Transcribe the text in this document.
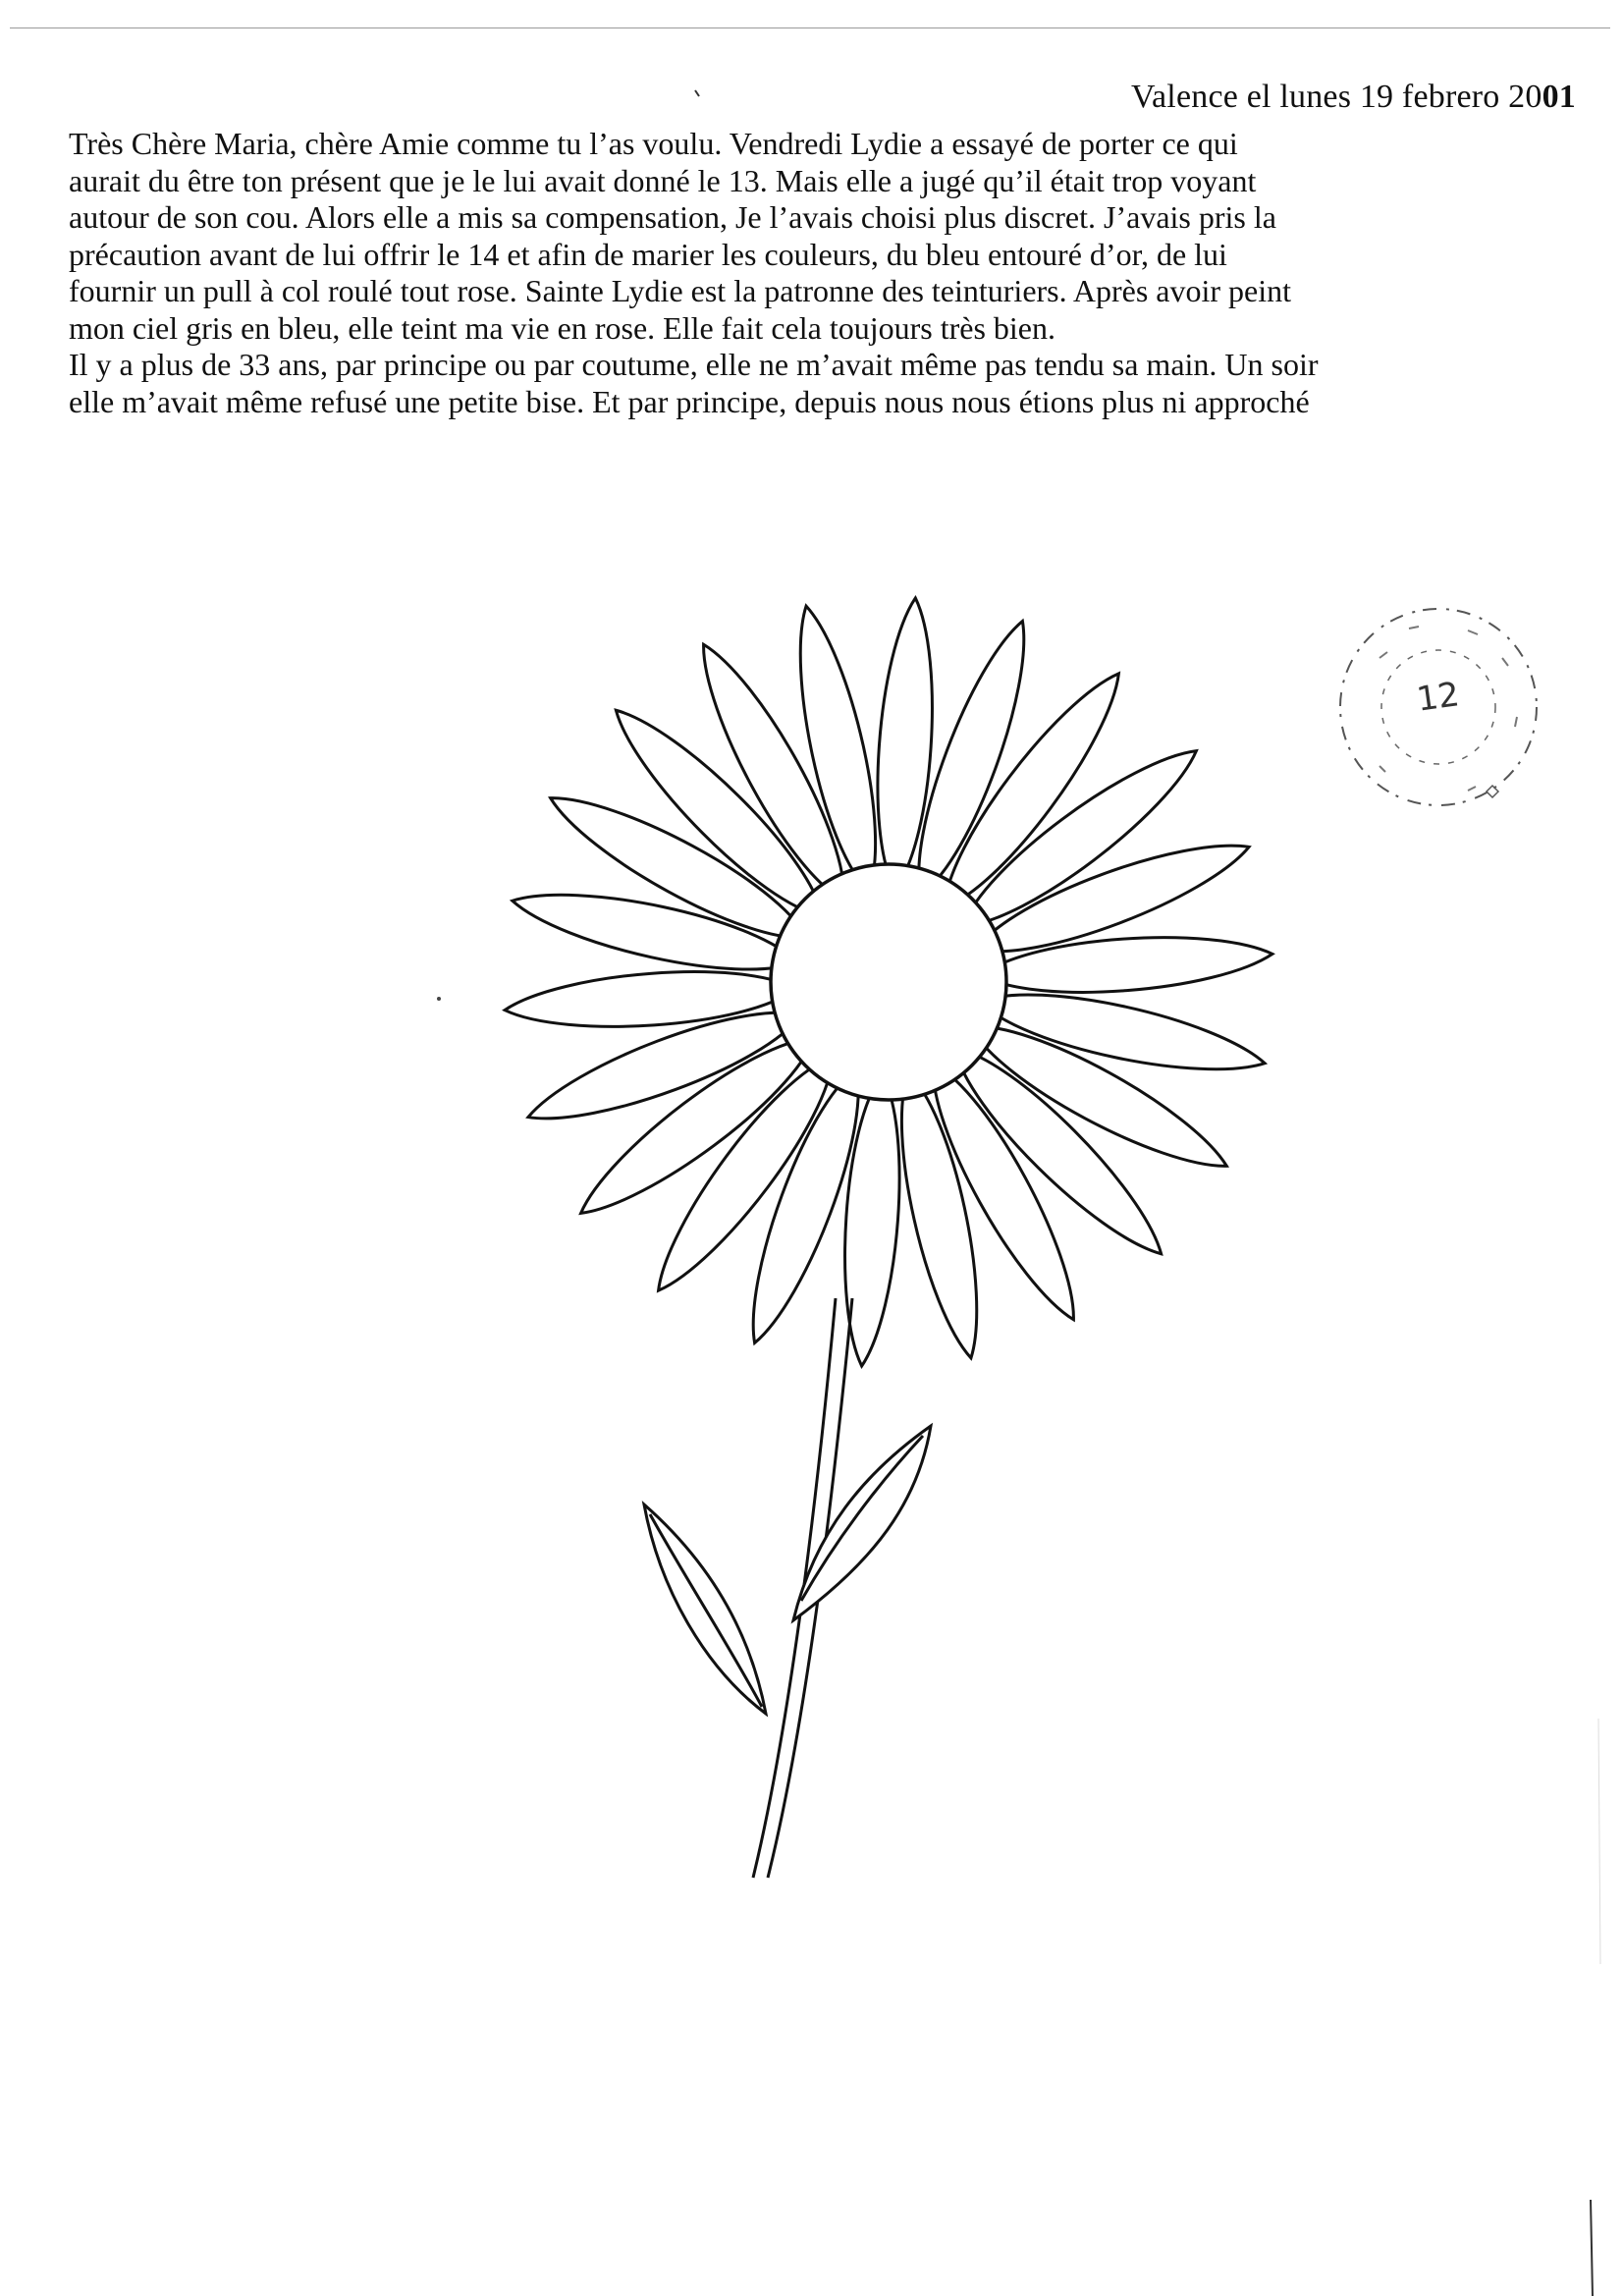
Valence el lunes 19 febrero 2001
Très Chère Maria, chère Amie comme tu l’as voulu. Vendredi Lydie a essayé de porter ce qui
aurait du être ton présent que je le lui avait donné le 13. Mais elle a jugé qu’il était trop voyant
autour de son cou. Alors elle a mis sa compensation, Je l’avais choisi plus discret. J’avais pris la
précaution avant de lui offrir le 14 et afin de marier les couleurs, du bleu entouré d’or, de lui
fournir un pull à col roulé tout rose. Sainte Lydie est la patronne des teinturiers. Après avoir peint
mon ciel gris en bleu, elle teint ma vie en rose. Elle fait cela toujours très bien.
Il y a plus de 33 ans, par principe ou par coutume, elle ne m’avait même pas tendu sa main. Un soir
elle m’avait même refusé une petite bise. Et par principe, depuis nous nous étions plus ni approché
12
